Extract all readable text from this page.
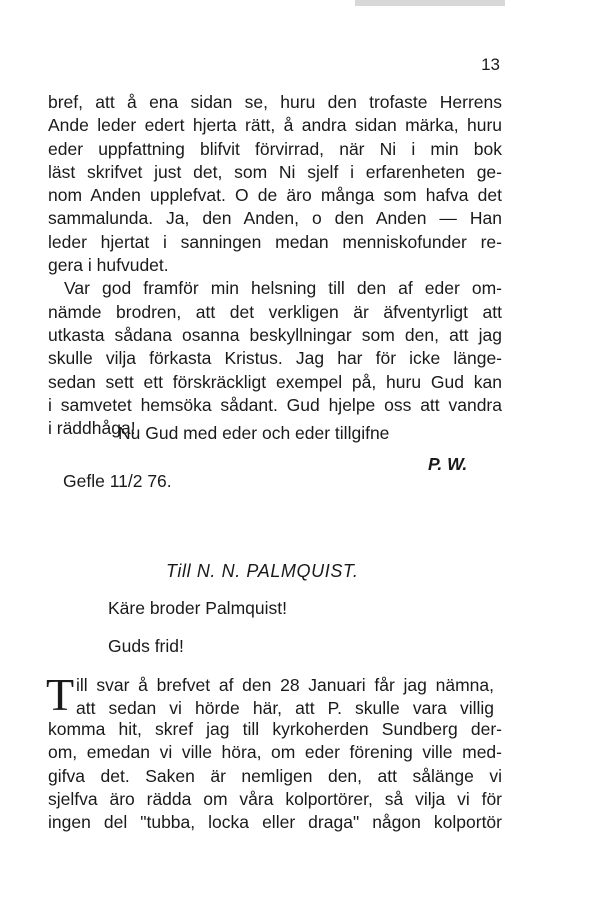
13
bref, att å ena sidan se, huru den trofaste Herrens
Ande leder edert hjerta rätt, å andra sidan märka, huru
eder uppfattning blifvit förvirrad, när Ni i min bok
läst skrifvet just det, som Ni sjelf i erfarenheten ge-
nom Anden upplefvat. O de äro många som hafva det
sammalunda. Ja, den Anden, o den Anden — Han
leder hjertat i sanningen medan menniskofunder re-
gera i hufvudet.
Var god framför min helsning till den af eder om-
nämde brodren, att det verkligen är äfventyrligt att
utkasta sådana osanna beskyllningar som den, att jag
skulle vilja förkasta Kristus. Jag har för icke länge-
sedan sett ett förskräckligt exempel på, huru Gud kan
i samvetet hemsöka sådant. Gud hjelpe oss att vandra
i räddhåga!
Nu Gud med eder och eder tillgifne
P. W.
Gefle 11/2 76.
Till N. N. PALMQUIST.
Käre broder Palmquist!
Guds frid!
T ill svar å brefvet af den 28 Januari får jag nämna,
att sedan vi hörde här, att P. skulle vara villig
komma hit, skref jag till kyrkoherden Sundberg der-
om, emedan vi ville höra, om eder förening ville med-
gifva det. Saken är nemligen den, att sålänge vi
sjelfva äro rädda om våra kolportörer, så vilja vi för
ingen del "tubba, locka eller draga" någon kolportör
